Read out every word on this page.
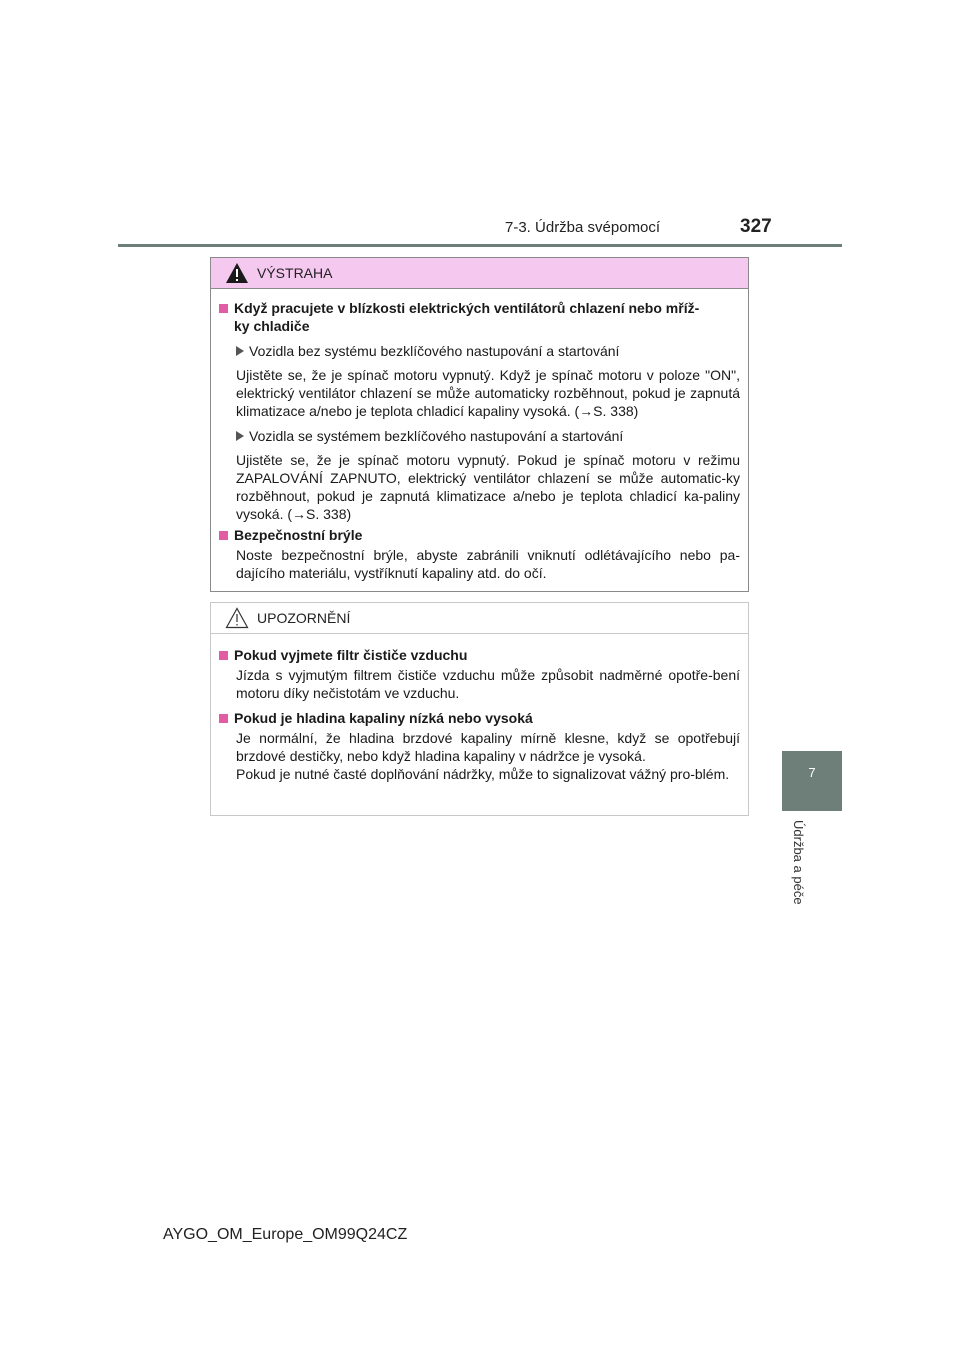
7-3. Údržba svépomocí	327
7
Údržba a péče
VÝSTRAHA
Když pracujete v blízkosti elektrických ventilátorů chlazení nebo mříž-
ky chladiče
Vozidla bez systému bezklíčového nastupování a startování
Ujistěte se, že je spínač motoru vypnutý. Když je spínač motoru v poloze "ON", elektrický ventilátor chlazení se může automaticky rozběhnout, pokud je zapnutá klimatizace a/nebo je teplota chladicí kapaliny vysoká. (→S. 338)
Vozidla se systémem bezklíčového nastupování a startování
Ujistěte se, že je spínač motoru vypnutý. Pokud je spínač motoru v režimu ZAPALOVÁNÍ ZAPNUTO, elektrický ventilátor chlazení se může automatic-ky rozběhnout, pokud je zapnutá klimatizace a/nebo je teplota chladicí ka-paliny vysoká. (→S. 338)
Bezpečnostní brýle
Noste bezpečnostní brýle, abyste zabránili vniknutí odlétávajícího nebo pa-dajícího materiálu, vystříknutí kapaliny atd. do očí.
UPOZORNĚNÍ
Pokud vyjmete filtr čističe vzduchu
Jízda s vyjmutým filtrem čističe vzduchu může způsobit nadměrné opotře-bení motoru díky nečistotám ve vzduchu.
Pokud je hladina kapaliny nízká nebo vysoká
Je normální, že hladina brzdové kapaliny mírně klesne, když se opotřebují brzdové destičky, nebo když hladina kapaliny v nádržce je vysoká.
Pokud je nutné časté doplňování nádržky, může to signalizovat vážný pro-blém.
AYGO_OM_Europe_OM99Q24CZ
